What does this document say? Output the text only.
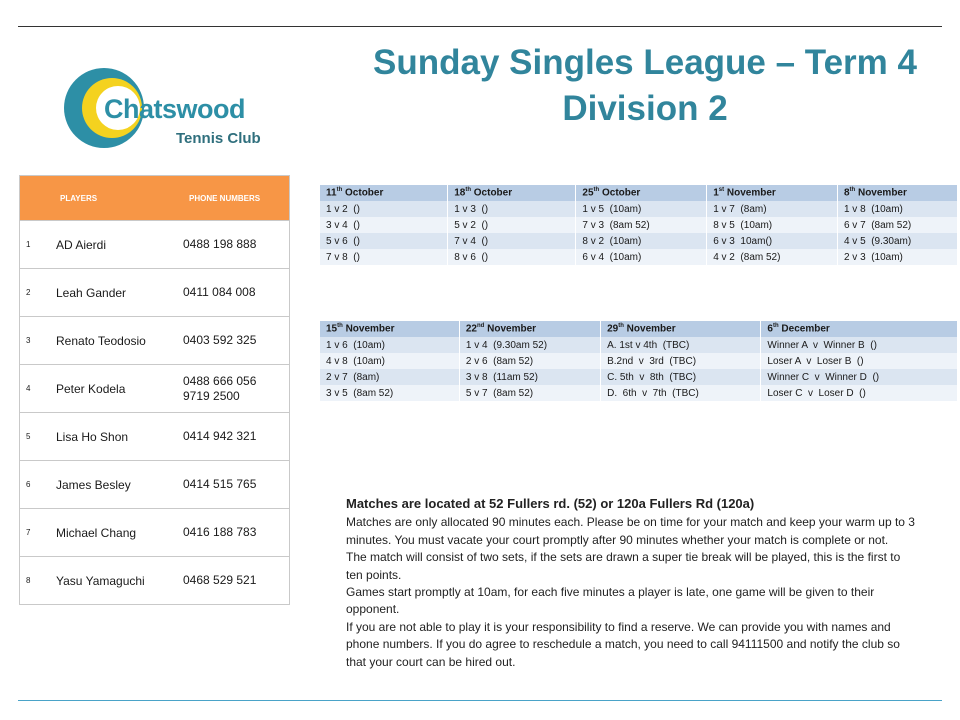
Chatswood
Tennis Club
Sunday Singles League – Term 4
Division 2
PLAYERS		PHONE NUMBERS
1	AD Aierdi	0488 198 888

2	Leah Gander	0411 084 008

3	Renato Teodosio	0403 592 325

4	Peter Kodela	0488 666 056
9719 2500

5	Lisa Ho Shon	0414 942 321

6	James Besley	0414 515 765

7	Michael Chang	0416 188 783

8	Yasu Yamaguchi	0468 529 521
11th October	18th October	25th October	1st November	8th November
1 v 2  ()	1 v 3  ()	1 v 5  (10am)	1 v 7  (8am)	1 v 8  (10am)
3 v 4  ()	5 v 2  ()	7 v 3  (8am 52)	8 v 5  (10am)	6 v 7  (8am 52)
5 v 6  ()	7 v 4  ()	8 v 2  (10am)	6 v 3  10am()	4 v 5  (9.30am)
7 v 8  ()	8 v 6  ()	6 v 4  (10am)	4 v 2  (8am 52)	2 v 3  (10am)
15th November	22nd November	29th November	6th December
1 v 6  (10am)	1 v 4  (9.30am 52)	A. 1st v 4th  (TBC)	Winner A  v  Winner B  ()
4 v 8  (10am)	2 v 6  (8am 52)	B.2nd  v  3rd  (TBC)	Loser A  v  Loser B  ()
2 v 7  (8am)	3 v 8  (11am 52)	C. 5th  v  8th  (TBC)	Winner C  v  Winner D  ()
3 v 5  (8am 52)	5 v 7  (8am 52)	D.  6th  v  7th  (TBC)	Loser C  v  Loser D  ()
Matches are located at 52 Fullers rd. (52) or 120a Fullers Rd (120a)

Matches are only allocated 90 minutes each. Please be on time for your match and keep your warm up to 3 minutes. You must vacate your court promptly after 90 minutes whether your match is complete or not.

The match will consist of two sets, if the sets are drawn a super tie break will be played, this is the first to ten points.

Games start promptly at 10am, for each five minutes a player is late, one game will be given to their opponent.

If you are not able to play it is your responsibility to find a reserve. We can provide you with names and phone numbers. If you do agree to reschedule a match, you need to call 94111500 and notify the club so that your court can be hired out.
